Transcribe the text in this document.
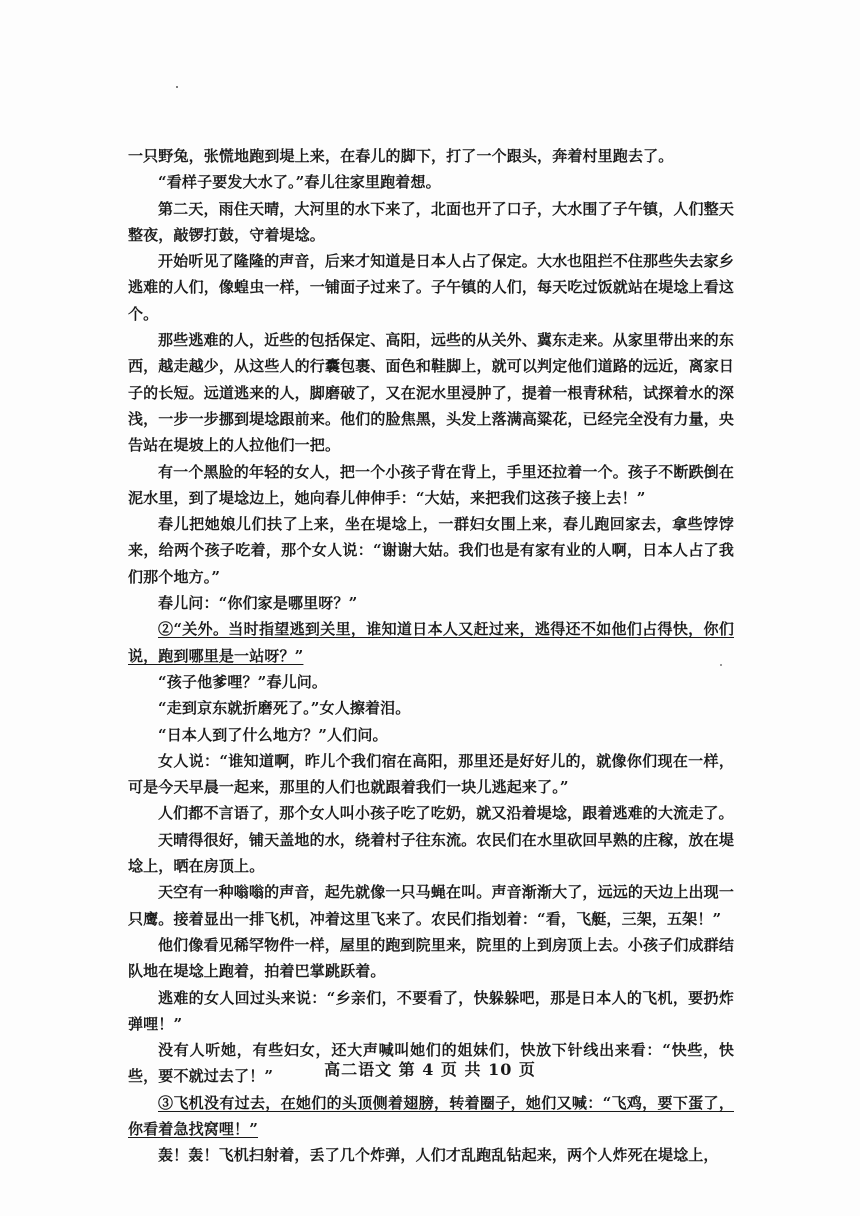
一只野兔，张慌地跑到堤上来，在春儿的脚下，打了一个跟头，奔着村里跑去了。

“看样子要发大水了。”春儿往家里跑着想。

第二天，雨住天晴，大河里的水下来了，北面也开了口子，大水围了子午镇，人们整天整夜，敲锣打鼓，守着堤埝。

开始听见了隆隆的声音，后来才知道是日本人占了保定。大水也阻拦不住那些失去家乡逃难的人们，像蝗虫一样，一铺面子过来了。子午镇的人们，每天吃过饭就站在堤埝上看这个。

那些逃难的人，近些的包括保定、高阳，远些的从关外、冀东走来。从家里带出来的东西，越走越少，从这些人的行囊包裹、面色和鞋脚上，就可以判定他们道路的远近，离家日子的长短。远道逃来的人，脚磨破了，又在泥水里浸肿了，提着一根青秫秸，试探着水的深浅，一步一步挪到堤埝跟前来。他们的脸焦黑，头发上落满高粱花，已经完全没有力量，央告站在堤坡上的人拉他们一把。

有一个黑脸的年轻的女人，把一个小孩子背在背上，手里还拉着一个。孩子不断跌倒在泥水里，到了堤埝边上，她向春儿伸伸手：“大姑，来把我们这孩子接上去！”

春儿把她娘儿们扶了上来，坐在堤埝上，一群妇女围上来，春儿跑回家去，拿些饽饽来，给两个孩子吃着，那个女人说：“谢谢大姑。我们也是有家有业的人啊，日本人占了我们那个地方。”

春儿问：“你们家是哪里呀？”

②“关外。当时指望逃到关里，谁知道日本人又赶过来，逃得还不如他们占得快，你们说，跑到哪里是一站呀？”

“孩子他爹哩？”春儿问。

“走到京东就折磨死了。”女人擦着泪。

“日本人到了什么地方？”人们问。

女人说：“谁知道啊，昨儿个我们宿在高阳，那里还是好好儿的，就像你们现在一样，可是今天早晨一起来，那里的人们也就跟着我们一块儿逃起来了。”

人们都不言语了，那个女人叫小孩子吃了吃奶，就又沿着堤埝，跟着逃难的大流走了。

天晴得很好，铺天盖地的水，绕着村子往东流。农民们在水里砍回早熟的庄稼，放在堤埝上，晒在房顶上。

天空有一种嗡嗡的声音，起先就像一只马蝇在叫。声音渐渐大了，远远的天边上出现一只鹰。接着显出一排飞机，冲着这里飞来了。农民们指划着：“看，飞艇，三架，五架！”

他们像看见稀罕物件一样，屋里的跑到院里来，院里的上到房顶上去。小孩子们成群结队地在堤埝上跑着，拍着巴掌跳跃着。

逃难的女人回过头来说：“乡亲们，不要看了，快躲躲吧，那是日本人的飞机，要扔炸弹哩！”

没有人听她，有些妇女，还大声喊叫她们的姐妹们，快放下针线出来看：“快些，快些，要不就过去了！”

③飞机没有过去，在她们的头顶侧着翅膀，转着圈子，她们又喊：“飞鸡，要下蛋了，你看着急找窝哩！”

轰！轰！飞机扫射着，丢了几个炸弹，人们才乱跑乱钻起来，两个人炸死在堤埝上，

高二语文 第 4 页 共 10 页
